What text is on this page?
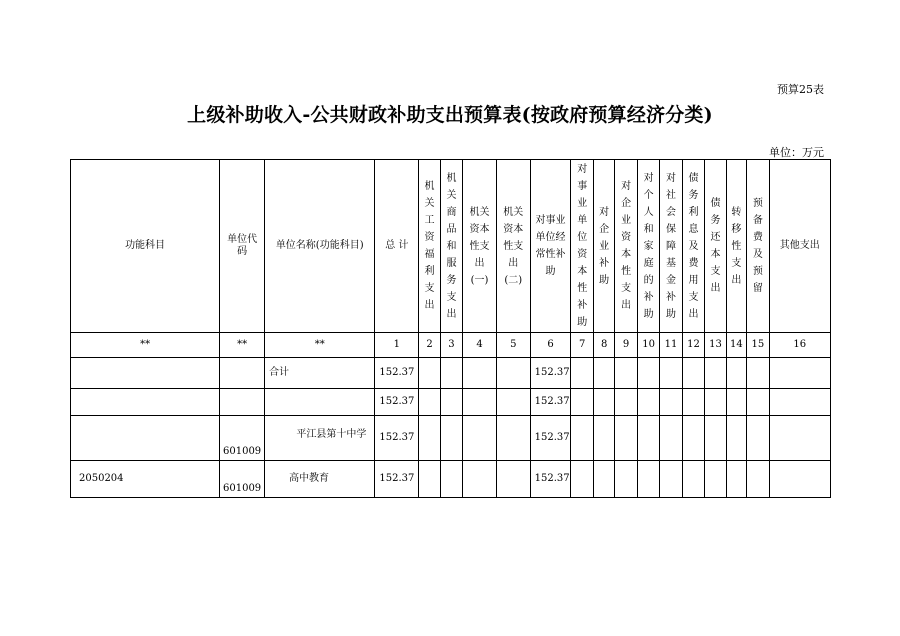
预算25表
上级补助收入-公共财政补助支出预算表(按政府预算经济分类)
单位：万元
功能科目	单位代码	单位名称(功能科目)	总 计	机关工资福利支出	机关商品和服务支出	机关资本性支出(一)	机关资本性支出(二)	对事业单位经常性补助	对事业单位资本性补助	对企业补助	对企业资本性支出	对个人和家庭的补助	对社会保障基金补助	债务利息及费用支出	债务还本支出	转移性支出	预备费及预留	其他支出
**	**	**	1	2	3	4	5	6	7	8	9	10	11	12	13	14	15	16
		合计	152.37					152.37										
			152.37					152.37										
	601009	平江县第十中学	152.37					152.37										
2050204	601009	高中教育	152.37					152.37										
